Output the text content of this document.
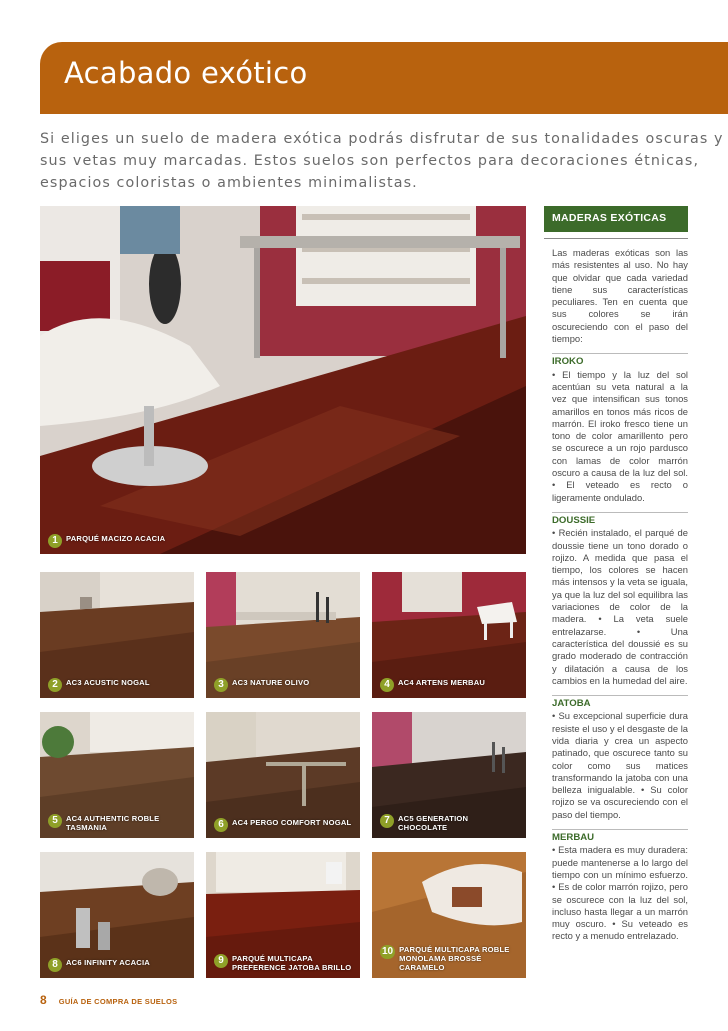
Acabado exótico

Si eliges un suelo de madera exótica podrás disfrutar de sus tonalidades oscuras y sus vetas muy marcadas. Estos suelos son perfectos para decoraciones étnicas, espacios coloristas o ambientes minimalistas.

1	PARQUÉ MACIZO ACACIA
2	AC3 ACUSTIC NOGAL	3	AC3 NATURE OLIVO	4	AC4 ARTENS MERBAU
5	AC4 AUTHENTIC ROBLE TASMANIA	6	AC4 PERGO COMFORT NOGAL	7	AC5 GENERATION CHOCOLATE
8	AC6 INFINITY ACACIA	9	PARQUÉ MULTICAPA PREFERENCE JATOBA BRILLO
10 PARQUÉ MULTICAPA ROBLE MONOLAMA BROSSÉ CARAMELO
MADERAS EXÓTICAS

Las maderas exóticas son las más resistentes al uso. No hay que olvidar que cada variedad tiene sus características peculiares. Ten en cuenta que sus colores se irán oscureciendo con el paso del tiempo:

IROKO

• El tiempo y la luz del sol acentúan su veta natural a la vez que intensifican sus tonos amarillos en tonos más ricos de marrón. El iroko fresco tiene un tono de color amarillento pero se oscurece a un rojo pardusco con lamas de color marrón oscuro a causa de la luz del sol. • El veteado es recto o ligeramente ondulado.

DOUSSIE

• Recién instalado, el parqué de doussie tiene un tono dorado o rojizo. A medida que pasa el tiempo, los colores se hacen más intensos y la veta se iguala, ya que la luz del sol equilibra las variaciones de color de la madera. • La veta suele entrelazarse. • Una característica del doussié es su grado moderado de contracción y dilatación a causa de los cambios en la humedad del aire.

JATOBA

• Su excepcional superficie dura resiste el uso y el desgaste de la vida diaria y crea un aspecto patinado, que oscurece tanto su color como sus matices transformando la jatoba con una belleza inigualable. • Su color rojizo se va oscureciendo con el paso del tiempo.

MERBAU

• Esta madera es muy duradera: puede mantenerse a lo largo del tiempo con un mínimo esfuerzo. • Es de color marrón rojizo, pero se oscurece con la luz del sol, incluso hasta llegar a un marrón muy oscuro. • Su veteado es recto y a menudo entrelazado.

8 GUÍA DE COMPRA DE SUELOS
